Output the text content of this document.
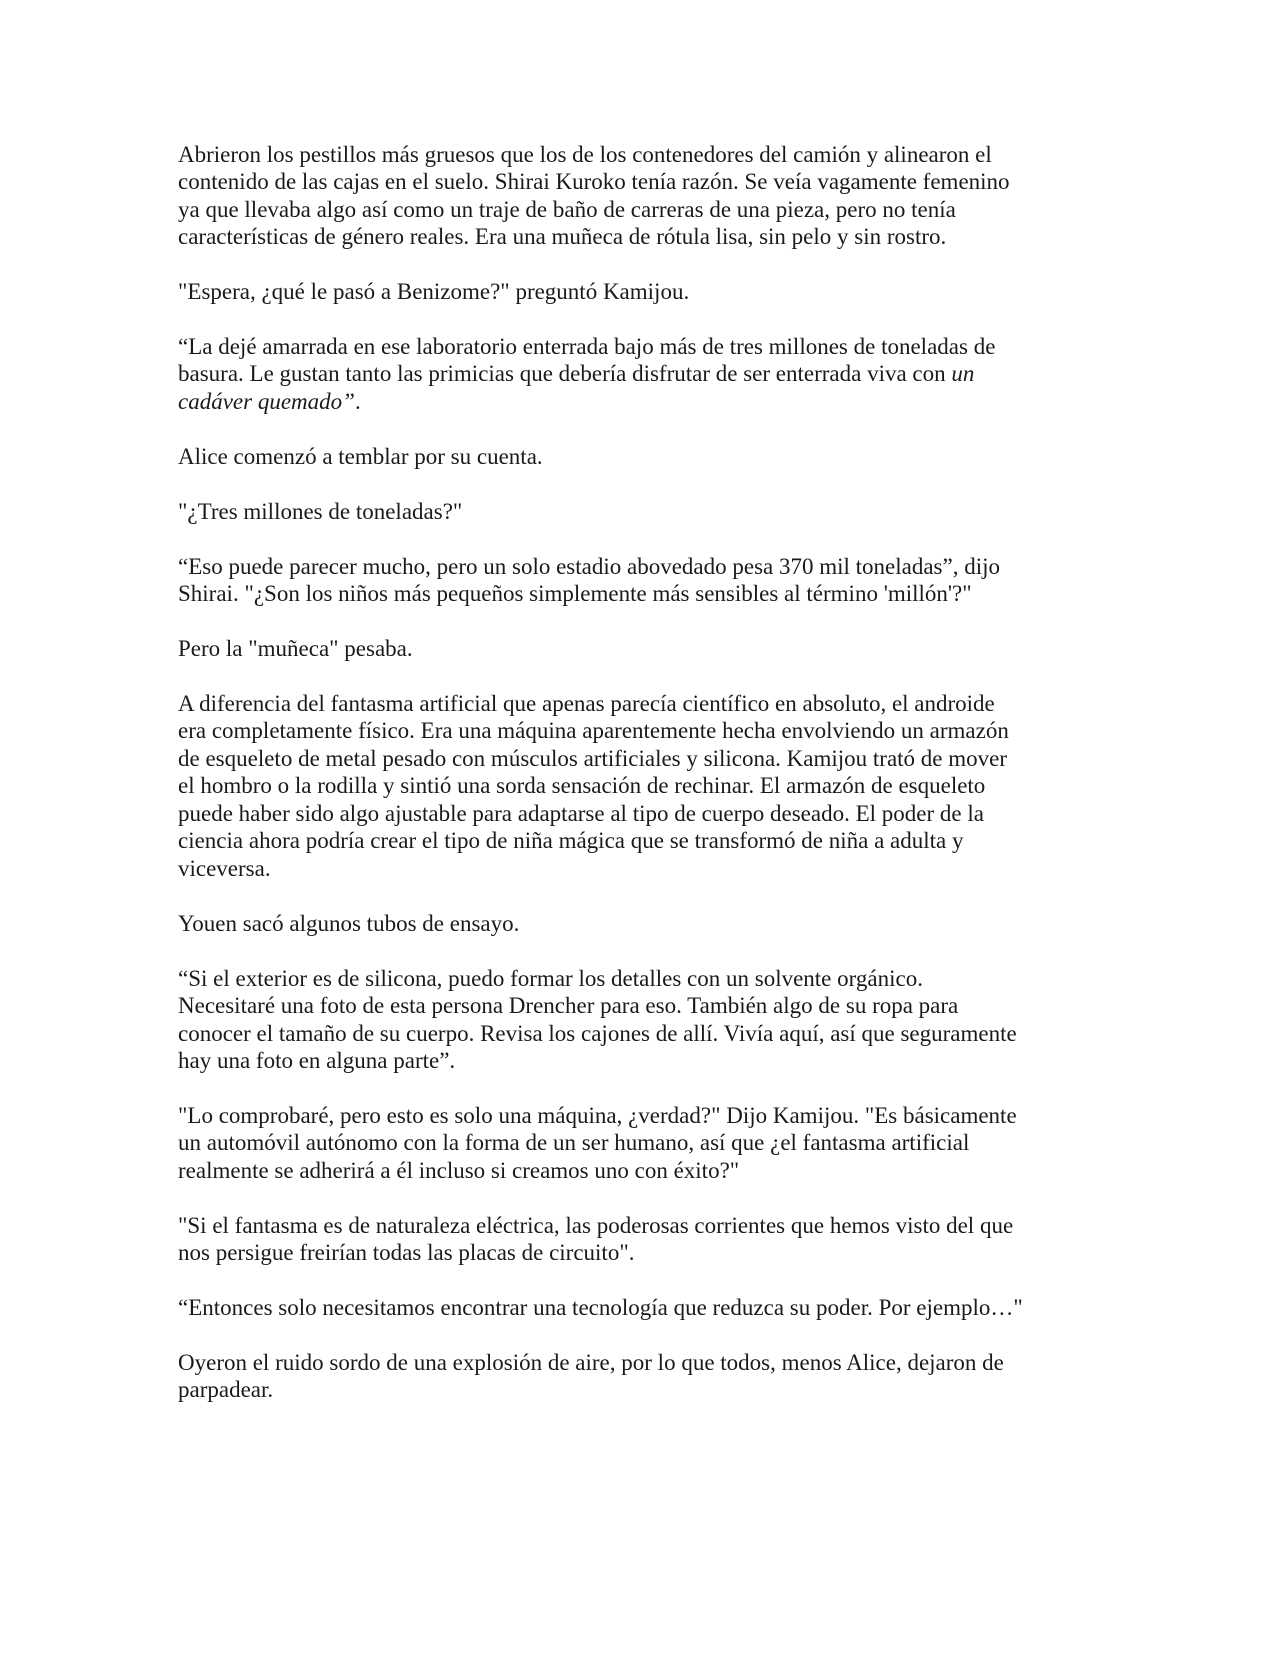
Abrieron los pestillos más gruesos que los de los contenedores del camión y alinearon el
contenido de las cajas en el suelo. Shirai Kuroko tenía razón. Se veía vagamente femenino
ya que llevaba algo así como un traje de baño de carreras de una pieza, pero no tenía
características de género reales. Era una muñeca de rótula lisa, sin pelo y sin rostro.
"Espera, ¿qué le pasó a Benizome?" preguntó Kamijou.
“La dejé amarrada en ese laboratorio enterrada bajo más de tres millones de toneladas de
basura. Le gustan tanto las primicias que debería disfrutar de ser enterrada viva con un
cadáver quemado”.
Alice comenzó a temblar por su cuenta.
"¿Tres millones de toneladas?"
“Eso puede parecer mucho, pero un solo estadio abovedado pesa 370 mil toneladas”, dijo
Shirai. "¿Son los niños más pequeños simplemente más sensibles al término 'millón'?"
Pero la "muñeca" pesaba.
A diferencia del fantasma artificial que apenas parecía científico en absoluto, el androide
era completamente físico. Era una máquina aparentemente hecha envolviendo un armazón
de esqueleto de metal pesado con músculos artificiales y silicona. Kamijou trató de mover
el hombro o la rodilla y sintió una sorda sensación de rechinar. El armazón de esqueleto
puede haber sido algo ajustable para adaptarse al tipo de cuerpo deseado. El poder de la
ciencia ahora podría crear el tipo de niña mágica que se transformó de niña a adulta y
viceversa.
Youen sacó algunos tubos de ensayo.
“Si el exterior es de silicona, puedo formar los detalles con un solvente orgánico.
Necesitaré una foto de esta persona Drencher para eso. También algo de su ropa para
conocer el tamaño de su cuerpo. Revisa los cajones de allí. Vivía aquí, así que seguramente
hay una foto en alguna parte”.
"Lo comprobaré, pero esto es solo una máquina, ¿verdad?" Dijo Kamijou. "Es básicamente
un automóvil autónomo con la forma de un ser humano, así que ¿el fantasma artificial
realmente se adherirá a él incluso si creamos uno con éxito?"
"Si el fantasma es de naturaleza eléctrica, las poderosas corrientes que hemos visto del que
nos persigue freirían todas las placas de circuito".
“Entonces solo necesitamos encontrar una tecnología que reduzca su poder. Por ejemplo…"
Oyeron el ruido sordo de una explosión de aire, por lo que todos, menos Alice, dejaron de
parpadear.
